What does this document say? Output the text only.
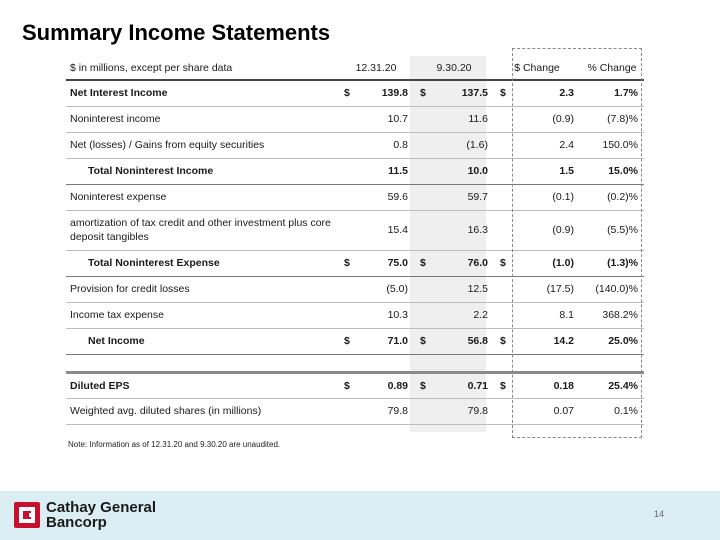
Summary Income Statements
$ in millions, except per share data	12.31.20		9.30.20		$ Change		% Change
Net Interest Income	$	139.8	$	137.5	$	2.3	1.7%
Noninterest income		10.7		11.6		(0.9)	(7.8)%
Net (losses) / Gains from equity securities		0.8		(1.6)		2.4	150.0%
Total Noninterest Income		11.5		10.0		1.5	15.0%
Noninterest expense		59.6		59.7		(0.1)	(0.2)%
amortization of tax credit and other investment plus core deposit tangibles		15.4		16.3		(0.9)	(5.5)%
Total Noninterest Expense	$	75.0	$	76.0	$	(1.0)	(1.3)%
Provision for credit losses		(5.0)		12.5		(17.5)	(140.0)%
Income tax expense		10.3		2.2		8.1	368.2%
Net Income	$	71.0	$	56.8	$	14.2	25.0%

Diluted EPS	$	0.89	$	0.71	$	0.18	25.4%
Weighted avg. diluted shares (in millions)		79.8		79.8		0.07	0.1%
Note: Information as of 12.31.20 and 9.30.20 are unaudited.
Cathay General
Bancorp	14
